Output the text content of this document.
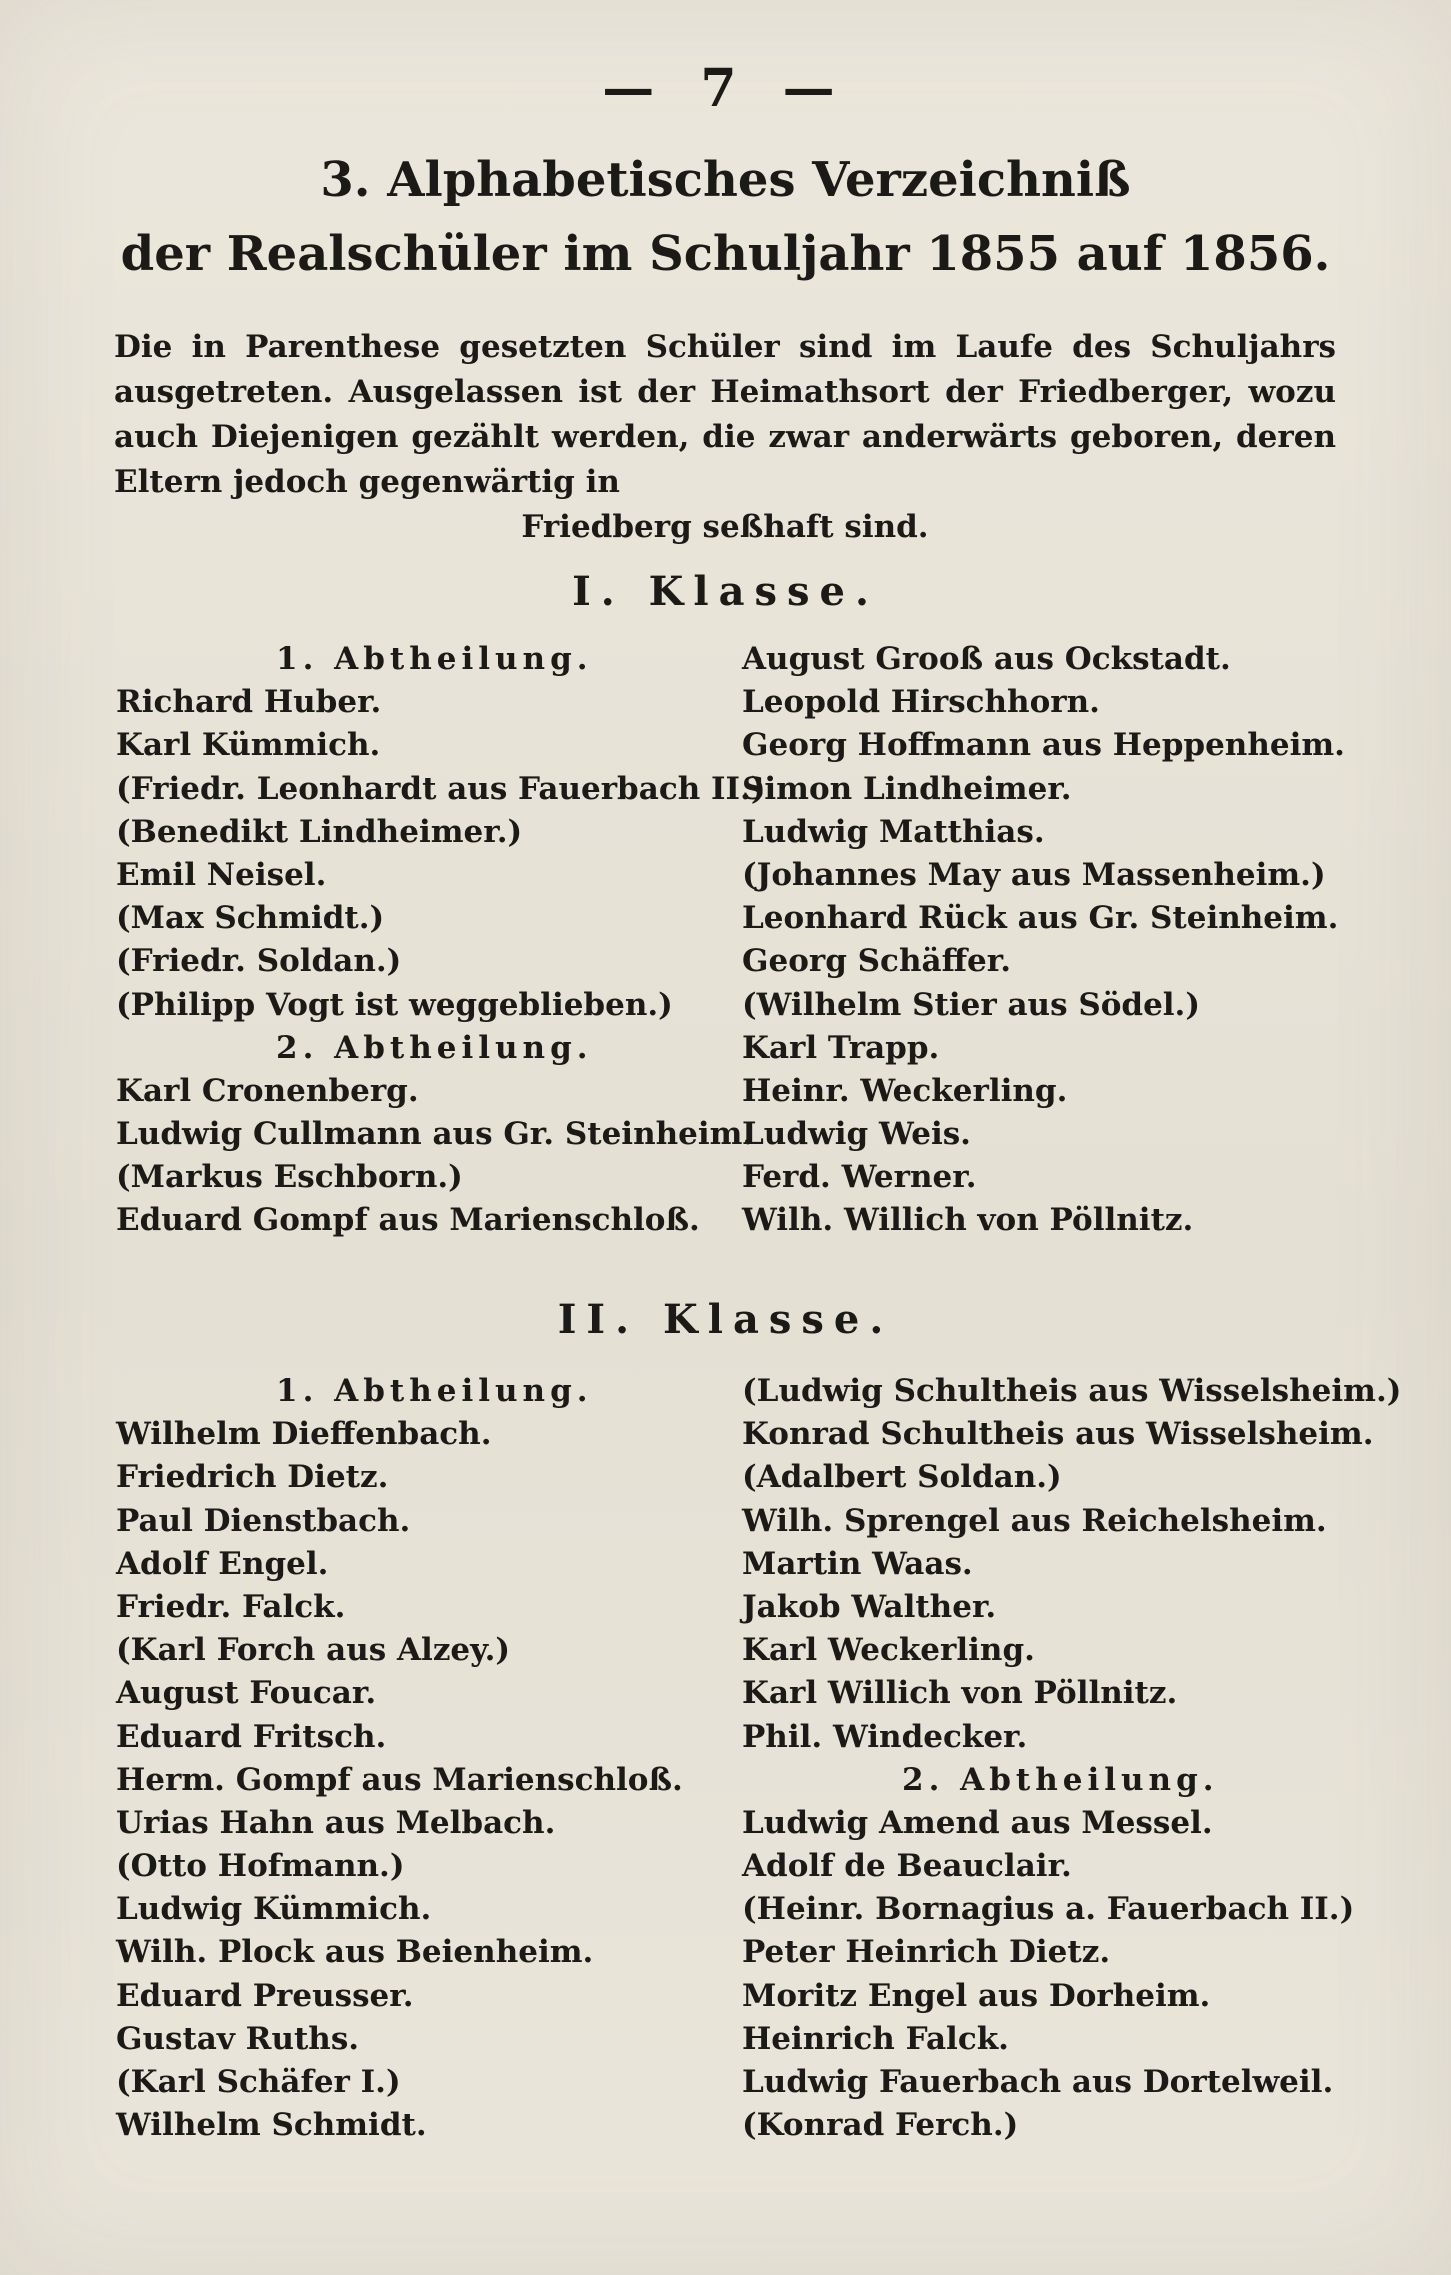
— 7 —
3. Alphabetisches Verzeichniß
der Realschüler im Schuljahr 1855 auf 1856.
Die in Parenthese gesetzten Schüler sind im Laufe des Schuljahrs ausgetreten. Ausgelassen ist der Heimathsort der Friedberger, wozu auch Diejenigen gezählt werden, die zwar anderwärts geboren, deren Eltern jedoch gegenwärtig in
Friedberg seßhaft sind.
I. Klasse.
1. Abtheilung.
Richard Huber.
Karl Kümmich.
(Friedr. Leonhardt aus Fauerbach II.)
(Benedikt Lindheimer.)
Emil Neisel.
(Max Schmidt.)
(Friedr. Soldan.)
(Philipp Vogt ist weggeblieben.)
2. Abtheilung.
Karl Cronenberg.
Ludwig Cullmann aus Gr. Steinheim.
(Markus Eschborn.)
Eduard Gompf aus Marienschloß.
August Grooß aus Ockstadt.
Leopold Hirschhorn.
Georg Hoffmann aus Heppenheim.
Simon Lindheimer.
Ludwig Matthias.
(Johannes May aus Massenheim.)
Leonhard Rück aus Gr. Steinheim.
Georg Schäffer.
(Wilhelm Stier aus Södel.)
Karl Trapp.
Heinr. Weckerling.
Ludwig Weis.
Ferd. Werner.
Wilh. Willich von Pöllnitz.
II. Klasse.
1. Abtheilung.
Wilhelm Dieffenbach.
Friedrich Dietz.
Paul Dienstbach.
Adolf Engel.
Friedr. Falck.
(Karl Forch aus Alzey.)
August Foucar.
Eduard Fritsch.
Herm. Gompf aus Marienschloß.
Urias Hahn aus Melbach.
(Otto Hofmann.)
Ludwig Kümmich.
Wilh. Plock aus Beienheim.
Eduard Preusser.
Gustav Ruths.
(Karl Schäfer I.)
Wilhelm Schmidt.
(Ludwig Schultheis aus Wisselsheim.)
Konrad Schultheis aus Wisselsheim.
(Adalbert Soldan.)
Wilh. Sprengel aus Reichelsheim.
Martin Waas.
Jakob Walther.
Karl Weckerling.
Karl Willich von Pöllnitz.
Phil. Windecker.
2. Abtheilung.
Ludwig Amend aus Messel.
Adolf de Beauclair.
(Heinr. Bornagius a. Fauerbach II.)
Peter Heinrich Dietz.
Moritz Engel aus Dorheim.
Heinrich Falck.
Ludwig Fauerbach aus Dortelweil.
(Konrad Ferch.)
